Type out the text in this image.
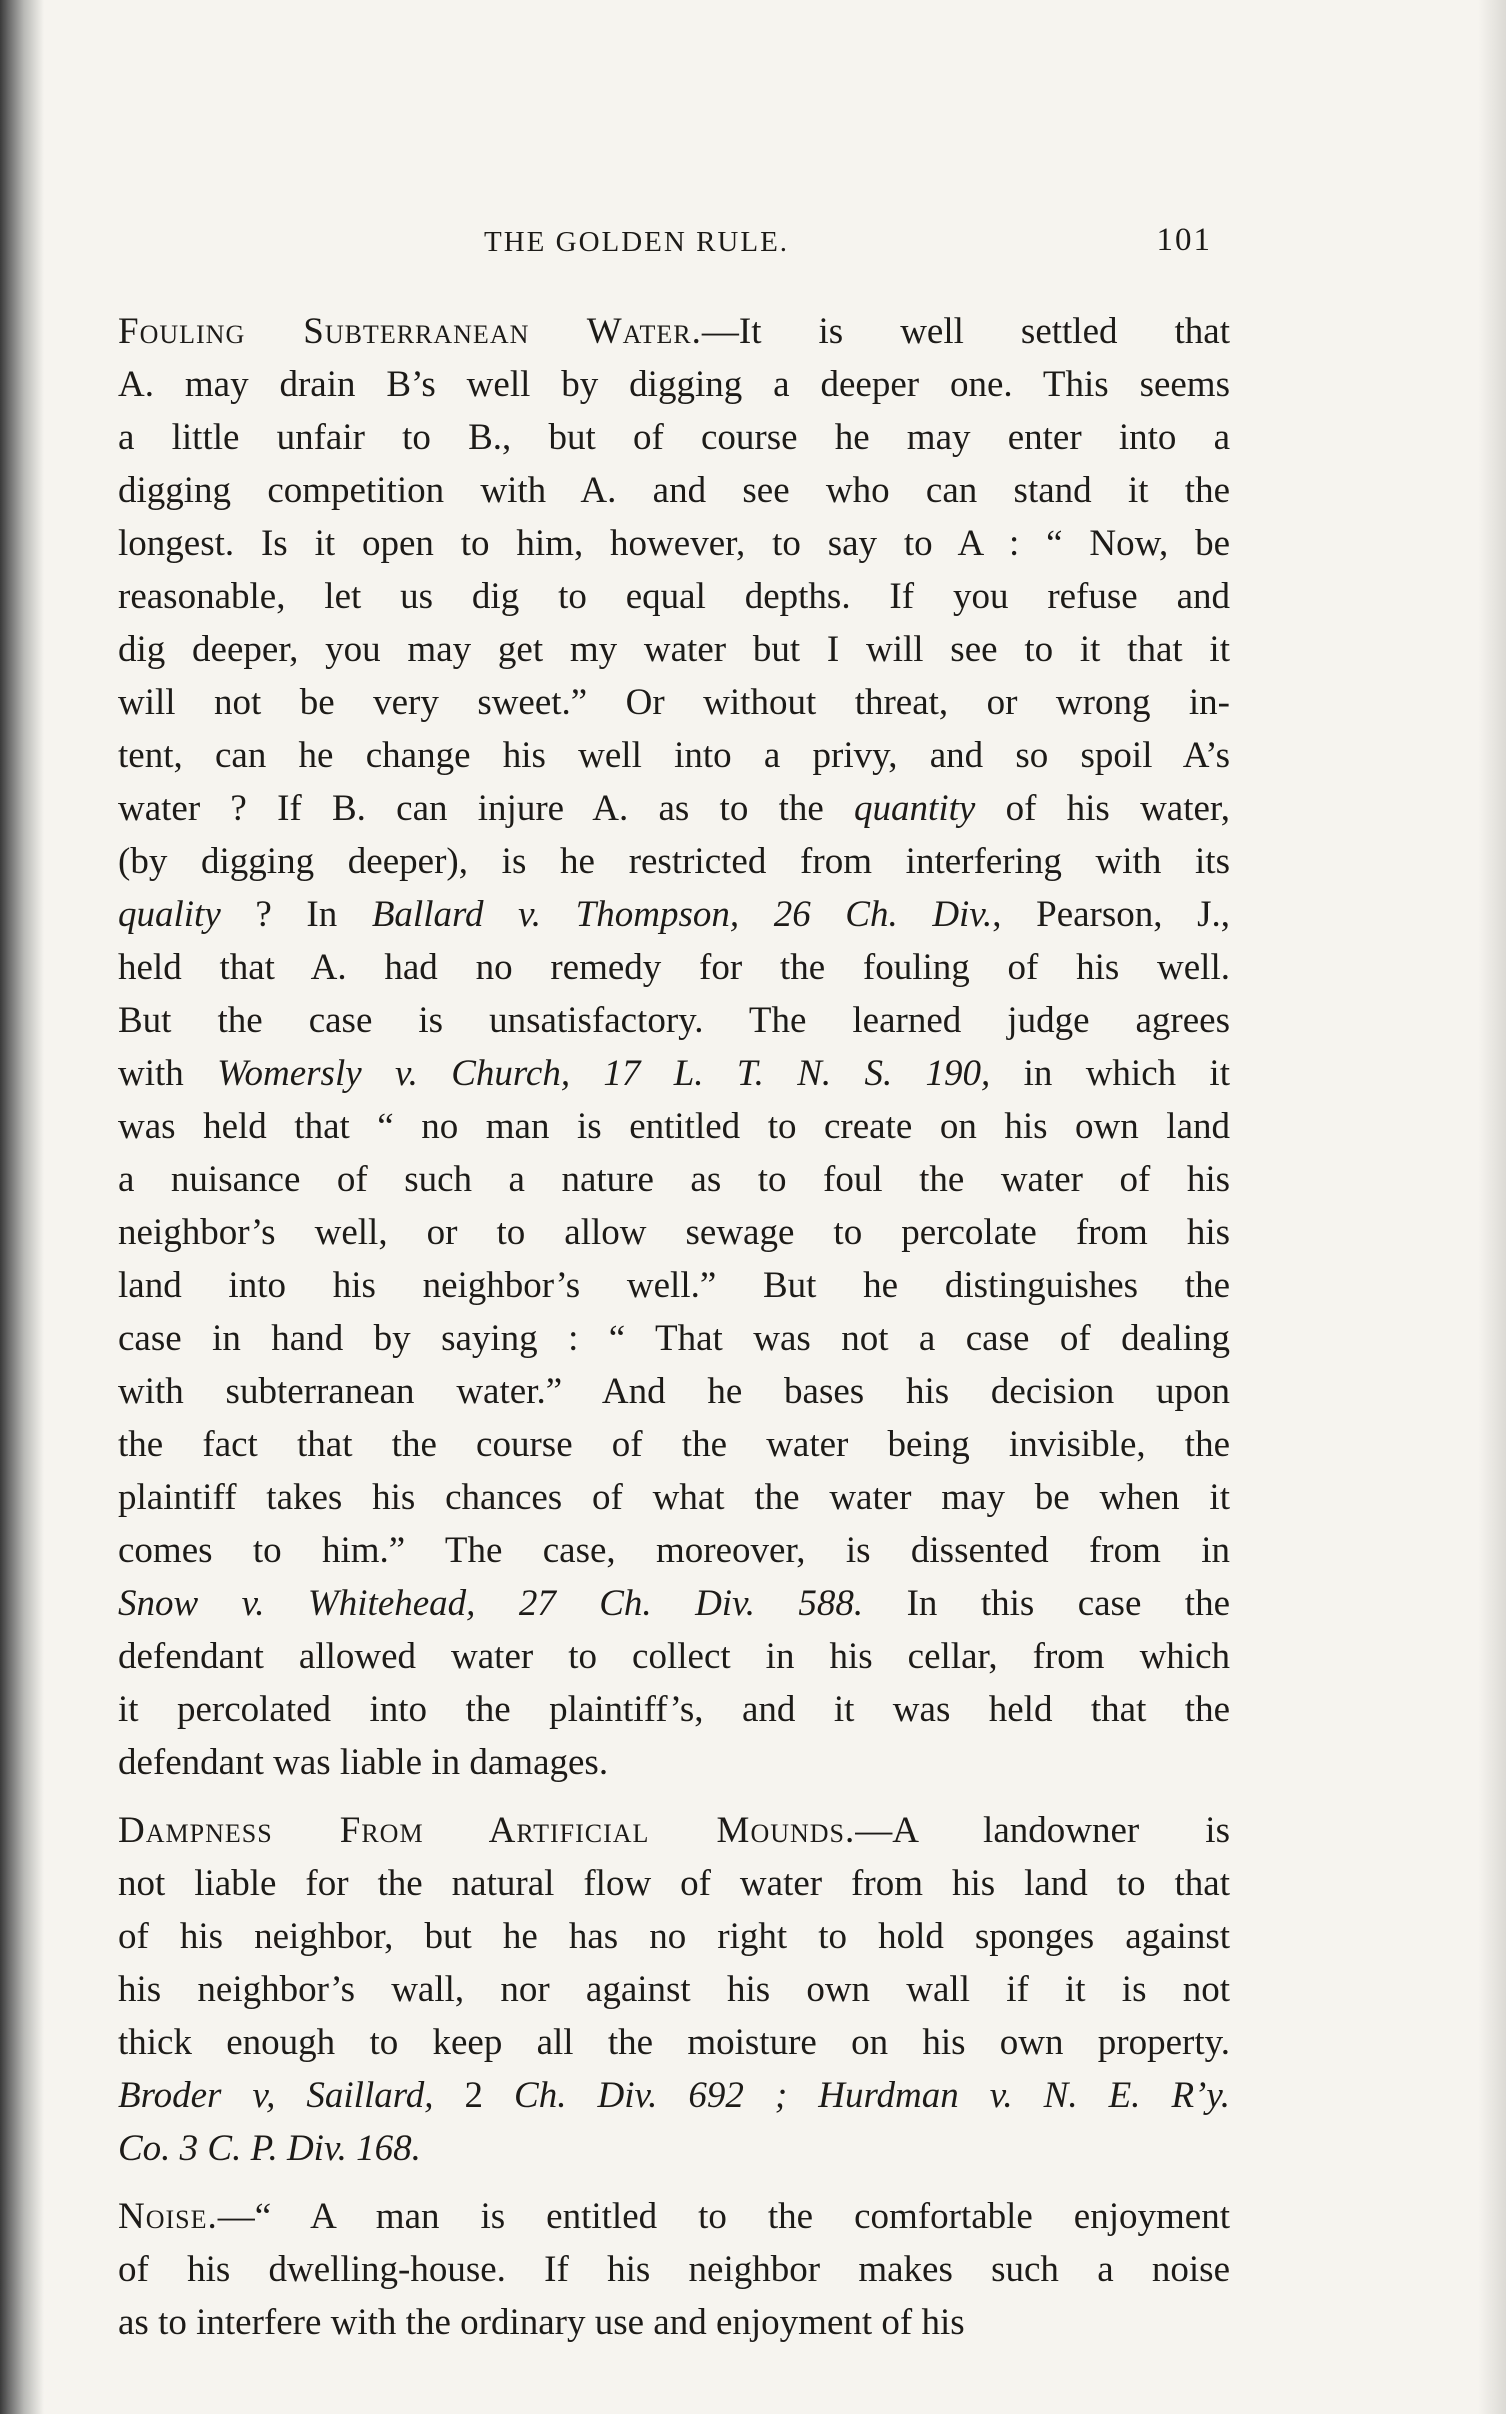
THE GOLDEN RULE.	101
Fouling Subterranean Water.—It is well settled that
A. may drain B’s well by digging a deeper one. This seems
a little unfair to B., but of course he may enter into a
digging competition with A. and see who can stand it the
longest. Is it open to him, however, to say to A : “ Now, be
reasonable, let us dig to equal depths. If you refuse and
dig deeper, you may get my water but I will see to it that it
will not be very sweet.” Or without threat, or wrong in-
tent, can he change his well into a privy, and so spoil A’s
water ? If B. can injure A. as to the quantity of his water,
(by digging deeper), is he restricted from interfering with its
quality ? In Ballard v. Thompson, 26 Ch. Div., Pearson, J.,
held that A. had no remedy for the fouling of his well.
But the case is unsatisfactory. The learned judge agrees
with Womersly v. Church, 17 L. T. N. S. 190, in which it
was held that “ no man is entitled to create on his own land
a nuisance of such a nature as to foul the water of his
neighbor’s well, or to allow sewage to percolate from his
land into his neighbor’s well.” But he distinguishes the
case in hand by saying : “ That was not a case of dealing
with subterranean water.” And he bases his decision upon
the fact that the course of the water being invisible, the
plaintiff takes his chances of what the water may be when it
comes to him.” The case, moreover, is dissented from in
Snow v. Whitehead, 27 Ch. Div. 588. In this case the
defendant allowed water to collect in his cellar, from which
it percolated into the plaintiff’s, and it was held that the
defendant was liable in damages.
Dampness From Artificial Mounds.—A landowner is
not liable for the natural flow of water from his land to that
of his neighbor, but he has no right to hold sponges against
his neighbor’s wall, nor against his own wall if it is not
thick enough to keep all the moisture on his own property.
Broder v, Saillard, 2 Ch. Div. 692 ; Hurdman v. N. E. R’y.
Co. 3 C. P. Div. 168.
Noise.—“ A man is entitled to the comfortable enjoyment
of his dwelling-house. If his neighbor makes such a noise
as to interfere with the ordinary use and enjoyment of his
